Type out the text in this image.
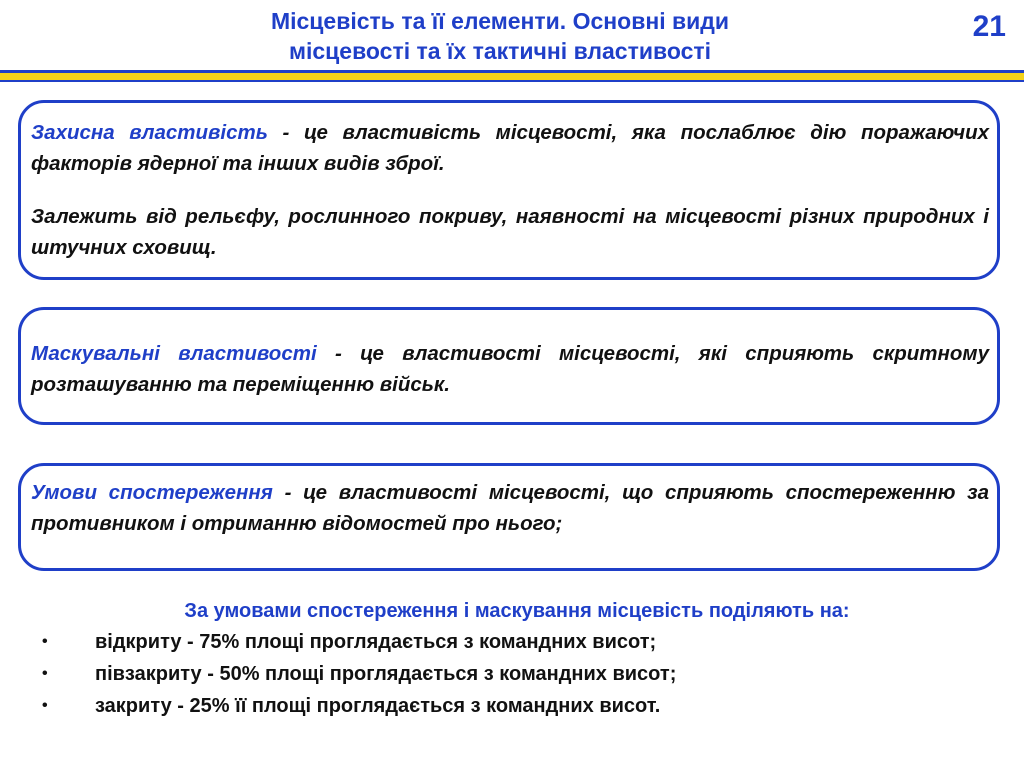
Місцевість та її елементи. Основні види
місцевості та їх тактичні властивості
21

Захисна властивість - це властивість місцевості, яка послаблює дію поражаючих факторів ядерної та інших видів зброї.

Залежить від рельєфу, рослинного покриву, наявності на місцевості різних природних і штучних сховищ.

Маскувальні властивості - це властивості місцевості, які сприяють скритному розташуванню та переміщенню військ.

Умови спостереження - це властивості місцевості, що сприяють спостереженню за противником і отриманню відомостей про нього;

За умовами спостереження і маскування місцевість поділяють на:

• відкриту - 75% площі проглядається з командних висот;
• півзакриту - 50% площі проглядається з командних висот;
• закриту - 25% її площі проглядається з командних висот.
